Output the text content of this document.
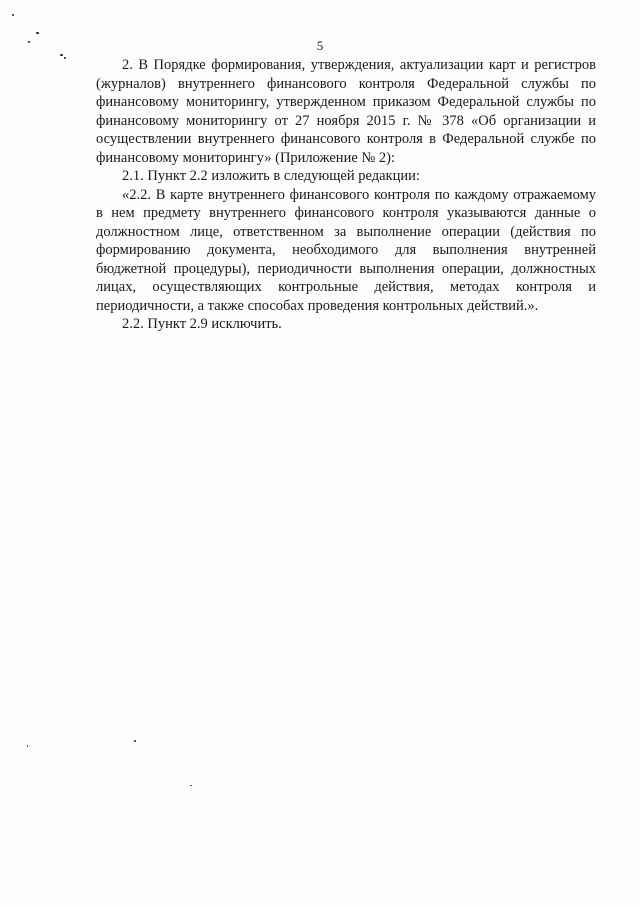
5

2. В Порядке формирования, утверждения, актуализации карт и регистров (журналов) внутреннего финансового контроля Федеральной службы по финансовому мониторингу, утвержденном приказом Федеральной службы по финансовому мониторингу от 27 ноября 2015 г. № 378 «Об организации и осуществлении внутреннего финансового контроля в Федеральной службе по финансовому мониторингу» (Приложение № 2):

2.1. Пункт 2.2 изложить в следующей редакции:

«2.2. В карте внутреннего финансового контроля по каждому отражаемому в нем предмету внутреннего финансового контроля указываются данные о должностном лице, ответственном за выполнение операции (действия по формированию документа, необходимого для выполнения внутренней бюджетной процедуры), периодичности выполнения операции, должностных лицах, осуществляющих контрольные действия, методах контроля и периодичности, а также способах проведения контрольных действий.».

2.2. Пункт 2.9 исключить.
